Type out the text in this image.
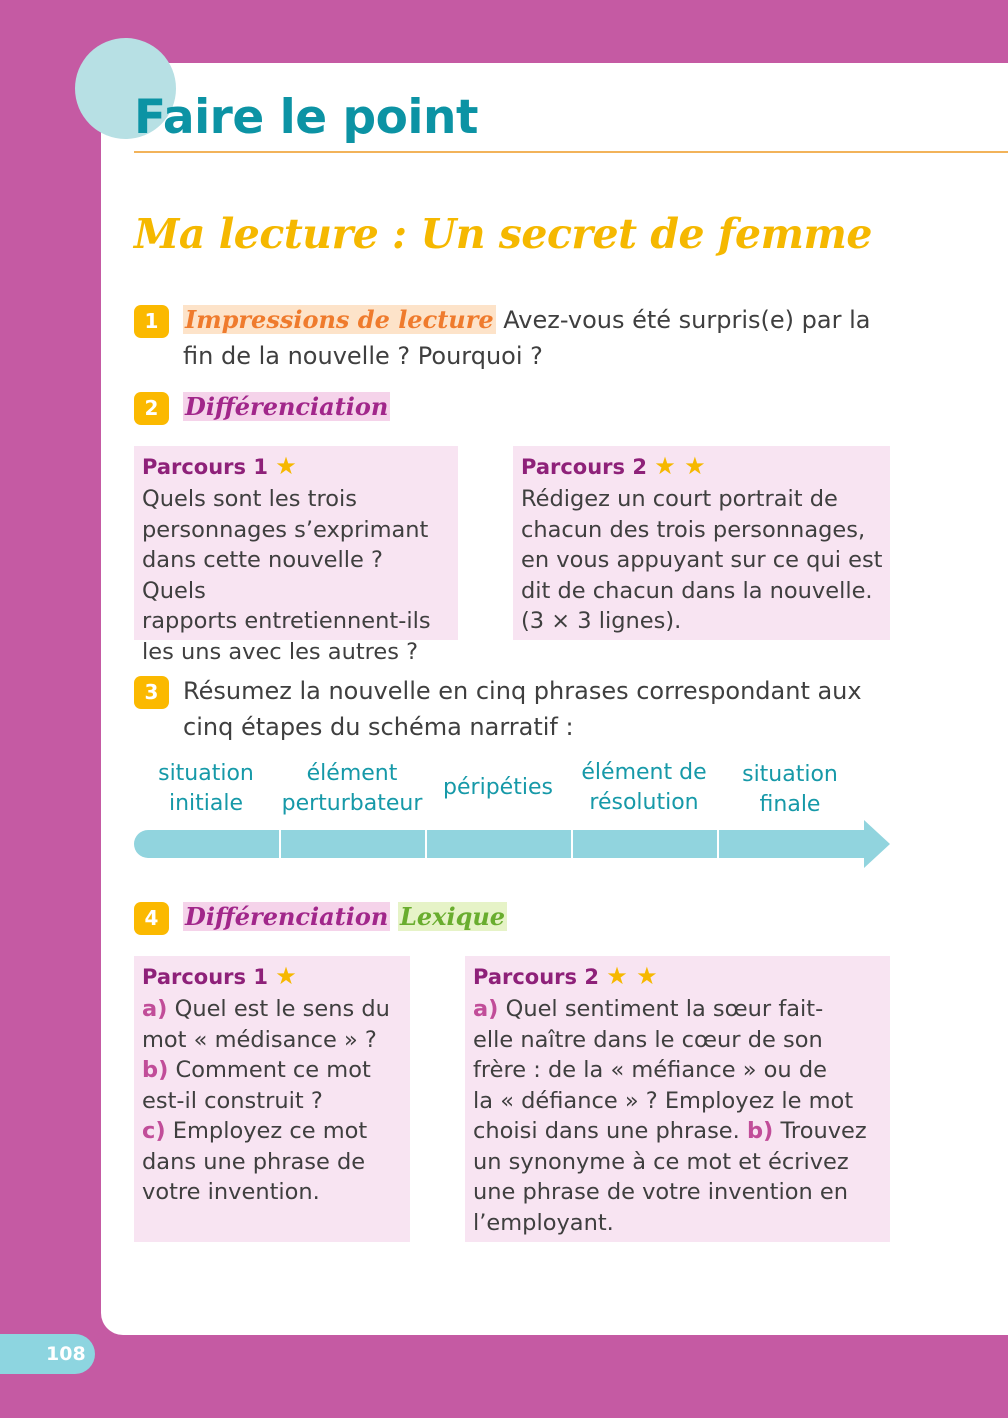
Faire le point
Ma lecture : Un secret de femme
1	Impressions de lecture Avez-vous été surpris(e) par la
fin de la nouvelle ? Pourquoi ?
2	Différenciation
Parcours 1 ★
Quels sont les trois
personnages s’exprimant
dans cette nouvelle ? Quels
rapports entretiennent-ils
les uns avec les autres ?
Parcours 2 ★ ★
Rédigez un court portrait de
chacun des trois personnages,
en vous appuyant sur ce qui est
dit de chacun dans la nouvelle.
(3 × 3 lignes).
3	Résumez la nouvelle en cinq phrases correspondant aux
cinq étapes du schéma narratif :
situation
initiale
élément
perturbateur
péripéties
élément de
résolution
situation
finale
4	Différenciation Lexique
Parcours 1 ★
a) Quel est le sens du
mot « médisance » ?
b) Comment ce mot
est-il construit ?
c) Employez ce mot
dans une phrase de
votre invention.
Parcours 2 ★ ★
a) Quel sentiment la sœur fait-
elle naître dans le cœur de son
frère : de la « méfiance » ou de
la « défiance » ? Employez le mot
choisi dans une phrase. b) Trouvez
un synonyme à ce mot et écrivez
une phrase de votre invention en
l’employant.
108
